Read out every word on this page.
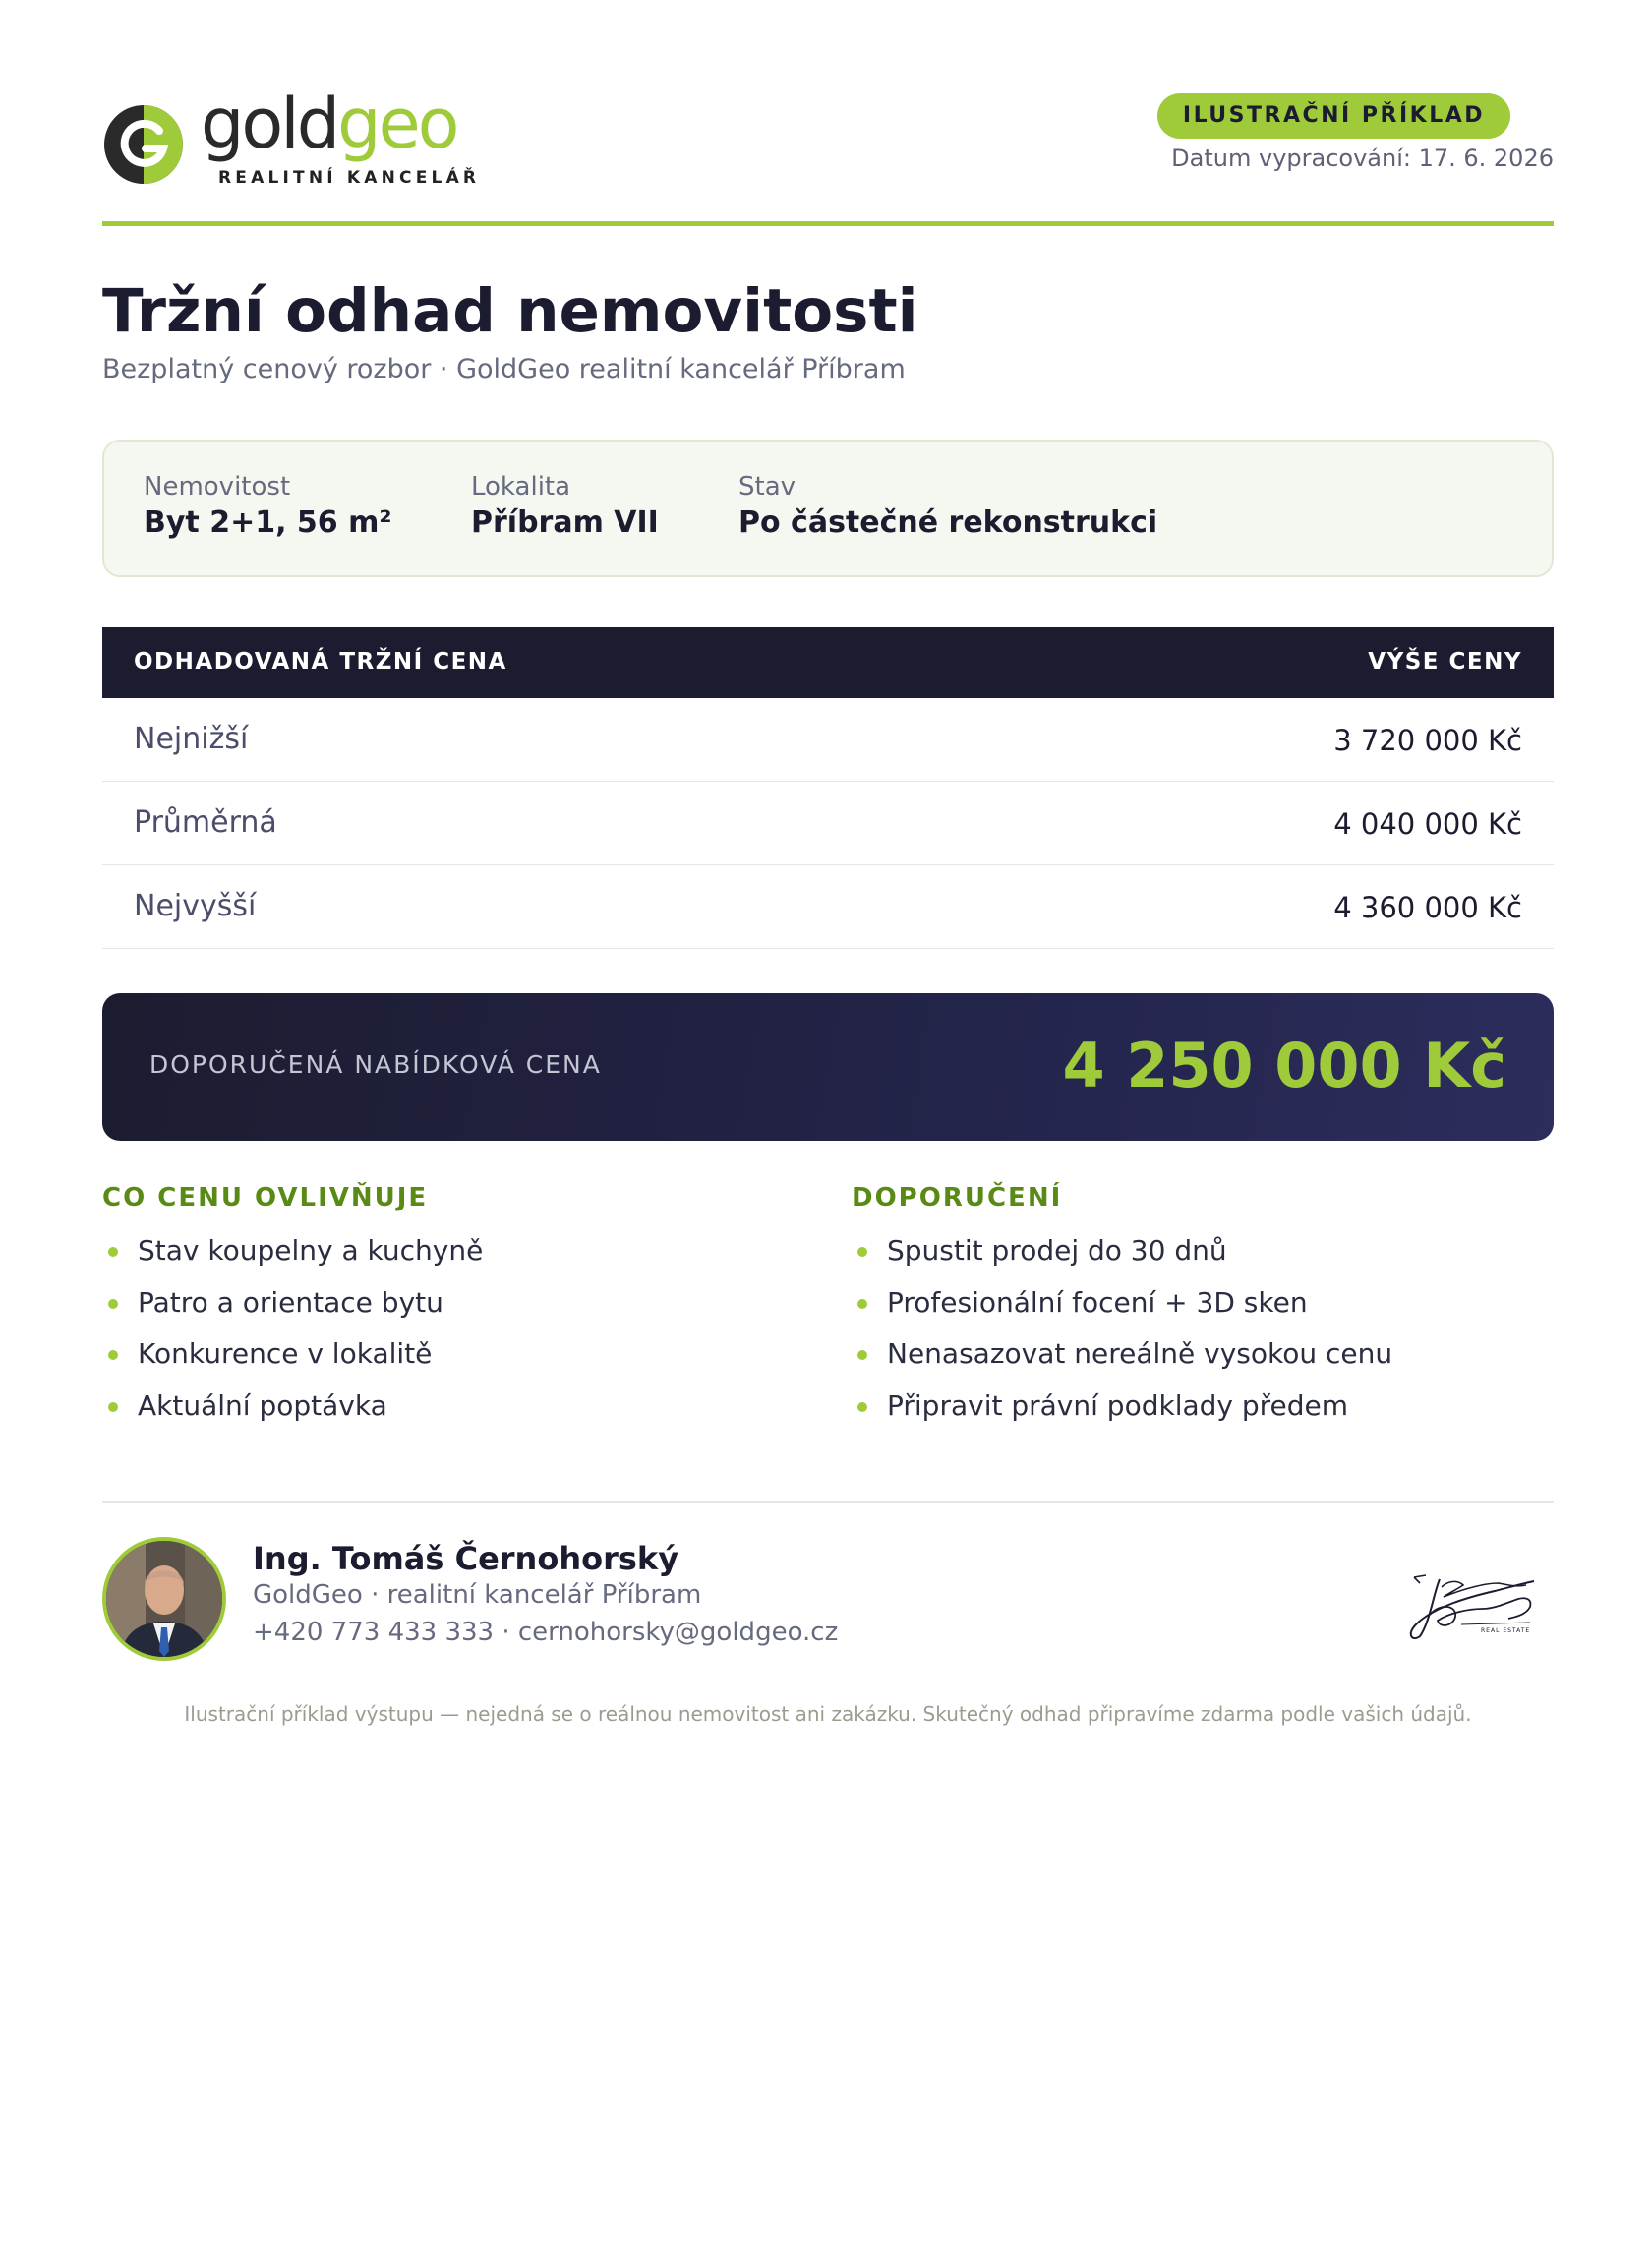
goldgeo
REALITNÍ KANCELÁŘ
ILUSTRAČNÍ PŘÍKLAD
Datum vypracování: 17. 6. 2026
Tržní odhad nemovitosti
Bezplatný cenový rozbor · GoldGeo realitní kancelář Příbram
Nemovitost
Byt 2+1, 56 m²
Lokalita
Příbram VII
Stav
Po částečné rekonstrukci
ODHADOVANÁ TRŽNÍ CENA	VÝŠE CENY
Nejnižší	3 720 000 Kč
Průměrná	4 040 000 Kč
Nejvyšší	4 360 000 Kč
DOPORUČENÁ NABÍDKOVÁ CENA	4 250 000 Kč
CO CENU OVLIVŇUJE
Stav koupelny a kuchyně
Patro a orientace bytu
Konkurence v lokalitě
Aktuální poptávka
DOPORUČENÍ
Spustit prodej do 30 dnů
Profesionální focení + 3D sken
Nenasazovat nereálně vysokou cenu
Připravit právní podklady předem
Ing. Tomáš Černohorský
GoldGeo · realitní kancelář Příbram
+420 773 433 333 · cernohorsky@goldgeo.cz	REAL ESTATE
Ilustrační příklad výstupu — nejedná se o reálnou nemovitost ani zakázku. Skutečný odhad připravíme zdarma podle vašich údajů.
